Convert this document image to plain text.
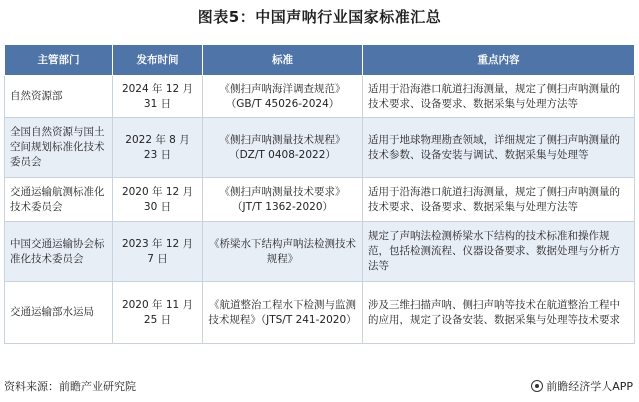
图表5：中国声呐行业国家标准汇总
主管部门	发布时间	标准	重点内容
自然资源部	2024 年 12 月 31 日	《侧扫声呐海洋调查规范》（GB/T 45026-2024）	适用于沿海港口航道扫海测量，规定了侧扫声呐测量的技术要求、设备要求、数据采集与处理方法等
全国自然资源与国土空间规划标准化技术委员会	2022 年 8 月 23 日	《侧扫声呐测量技术规程》（DZ/T 0408-2022）	适用于地球物理勘查领域，详细规定了侧扫声呐测量的技术参数、设备安装与调试、数据采集与处理等
交通运输航测标准化技术委员会	2020 年 12 月 30 日	《侧扫声呐测量技术要求》（JT/T 1362-2020）	适用于沿海港口航道扫海测量，规定了侧扫声呐测量的技术要求、设备要求、数据采集与处理方法等
中国交通运输协会标准化技术委员会	2023 年 12 月 7 日	《桥梁水下结构声呐法检测技术规程》	规定了声呐法检测桥梁水下结构的技术标准和操作规范，包括检测流程、仪器设备要求、数据处理与分析方法等
交通运输部水运局	2020 年 11 月 25 日	《航道整治工程水下检测与监测技术规程》（JTS/T 241-2020）	涉及三维扫描声呐、侧扫声呐等技术在航道整治工程中的应用，规定了设备安装、数据采集与处理等技术要求
资料来源：前瞻产业研究院	前瞻经济学人APP
